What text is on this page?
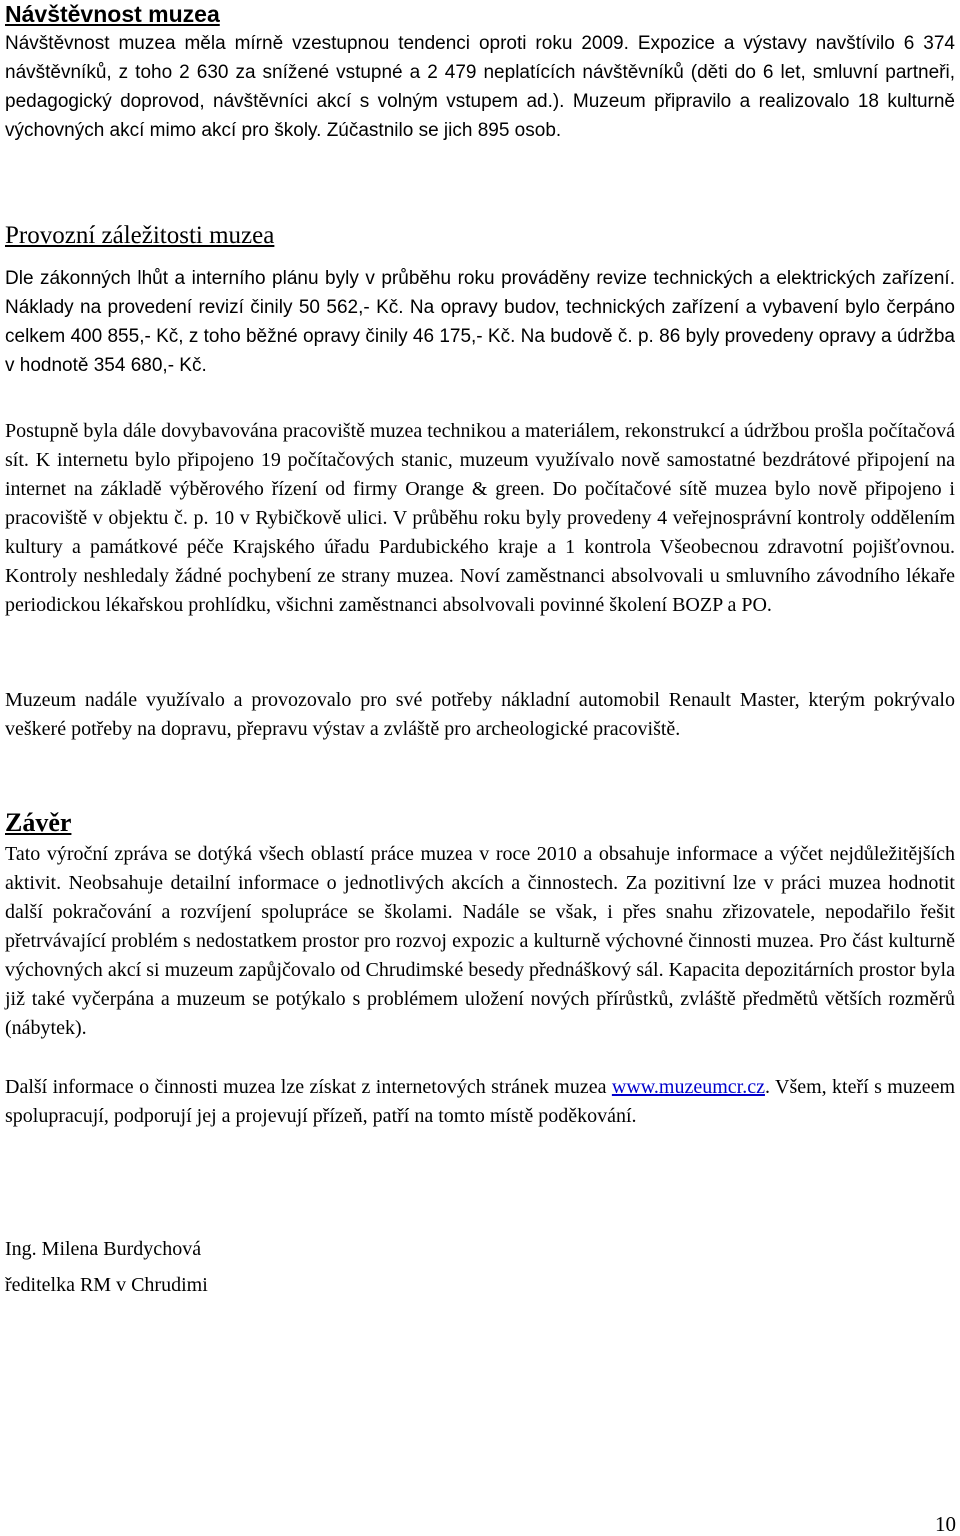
Návštěvnost muzea

Návštěvnost muzea měla mírně vzestupnou tendenci oproti roku 2009. Expozice a výstavy navštívilo 6 374 návštěvníků, z toho 2 630 za snížené vstupné a 2 479 neplatících návštěvníků (děti do 6 let, smluvní partneři, pedagogický doprovod, návštěvníci akcí s volným vstupem ad.). Muzeum připravilo a realizovalo 18 kulturně výchovných akcí mimo akcí pro školy. Zúčastnilo se jich 895 osob.

Provozní záležitosti muzea

Dle zákonných lhůt a interního plánu byly v průběhu roku prováděny revize technických a elektrických zařízení. Náklady na provedení revizí činily 50 562,- Kč. Na opravy budov, technických zařízení a vybavení bylo čerpáno celkem 400 855,- Kč, z toho běžné opravy činily 46 175,- Kč. Na budově č. p. 86 byly provedeny opravy a údržba v hodnotě 354 680,- Kč.

Postupně byla dále dovybavována pracoviště muzea technikou a materiálem, rekonstrukcí a údržbou prošla počítačová sít. K internetu bylo připojeno 19 počítačových stanic, muzeum využívalo nově samostatné bezdrátové připojení na internet na základě výběrového řízení od firmy Orange & green. Do počítačové sítě muzea bylo nově připojeno i pracoviště v objektu č. p. 10 v Rybičkově ulici. V průběhu roku byly provedeny 4 veřejnosprávní kontroly oddělením kultury a památkové péče Krajského úřadu Pardubického kraje a 1 kontrola Všeobecnou zdravotní pojišťovnou. Kontroly neshledaly žádné pochybení ze strany muzea. Noví zaměstnanci absolvovali u smluvního závodního lékaře periodickou lékařskou prohlídku, všichni zaměstnanci absolvovali povinné školení BOZP a PO.

Muzeum nadále využívalo a provozovalo pro své potřeby nákladní automobil Renault Master, kterým pokrývalo veškeré potřeby na dopravu, přepravu výstav a zvláště pro archeologické pracoviště.

Závěr

Tato výroční zpráva se dotýká všech oblastí práce muzea v roce 2010 a obsahuje informace a výčet nejdůležitějších aktivit. Neobsahuje detailní informace o jednotlivých akcích a činnostech. Za pozitivní lze v práci muzea hodnotit další pokračování a rozvíjení spolupráce se školami. Nadále se však, i přes snahu zřizovatele, nepodařilo řešit přetrvávající problém s nedostatkem prostor pro rozvoj expozic a kulturně výchovné činnosti muzea. Pro část kulturně výchovných akcí si muzeum zapůjčovalo od Chrudimské besedy přednáškový sál. Kapacita depozitárních prostor byla již také vyčerpána a muzeum se potýkalo s problémem uložení nových přírůstků, zvláště předmětů větších rozměrů (nábytek).

Další informace o činnosti muzea lze získat z internetových stránek muzea www.muzeumcr.cz. Všem, kteří s muzeem spolupracují, podporují jej a projevují přízeň, patří na tomto místě poděkování.

Ing. Milena Burdychová

ředitelka RM v Chrudimi

10
